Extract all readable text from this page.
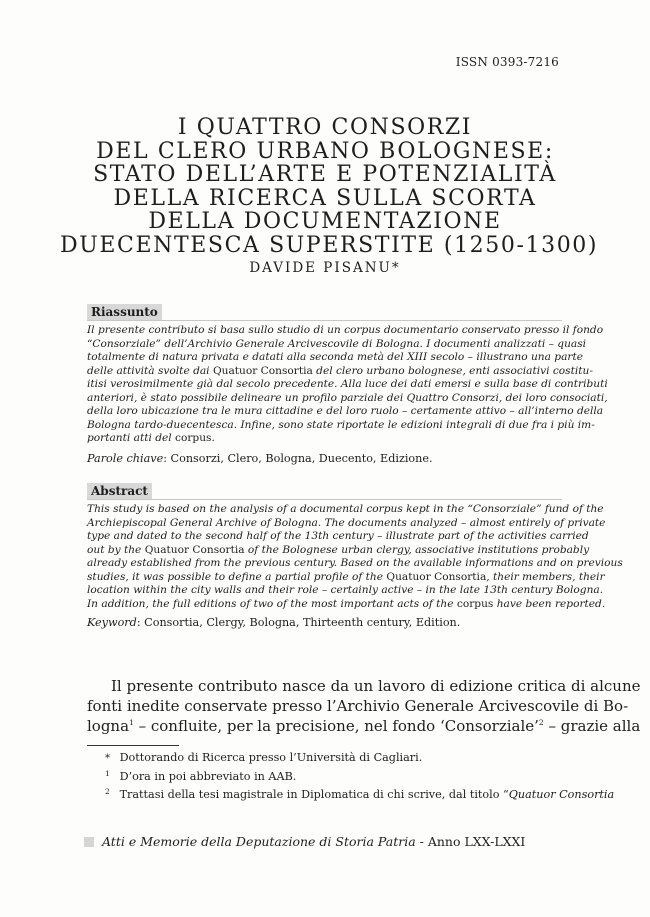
ISSN 0393-7216
I QUATTRO CONSORZI
DEL CLERO URBANO BOLOGNESE:
STATO DELL’ARTE E POTENZIALITÀ
DELLA RICERCA SULLA SCORTA
DELLA DOCUMENTAZIONE
DUECENTESCA SUPERSTITE (1250-1300)
DAVIDE PISANU*
Riassunto
Il presente contributo si basa sullo studio di un corpus documentario conservato presso il fondo
“Consorziale” dell’Archivio Generale Arcivescovile di Bologna. I documenti analizzati – quasi
totalmente di natura privata e datati alla seconda metà del XIII secolo – illustrano una parte
delle attività svolte dai Quatuor Consortia del clero urbano bolognese, enti associativi costitu-
itisi verosimilmente già dal secolo precedente. Alla luce dei dati emersi e sulla base di contributi
anteriori, è stato possibile delineare un profilo parziale dei Quattro Consorzi, dei loro consociati,
della loro ubicazione tra le mura cittadine e del loro ruolo – certamente attivo – all’interno della
Bologna tardo-duecentesca. Infine, sono state riportate le edizioni integrali di due fra i più im-
portanti atti del corpus.
Parole chiave: Consorzi, Clero, Bologna, Duecento, Edizione.
Abstract
This study is based on the analysis of a documental corpus kept in the “Consorziale” fund of the
Archiepiscopal General Archive of Bologna. The documents analyzed – almost entirely of private
type and dated to the second half of the 13th century – illustrate part of the activities carried
out by the Quatuor Consortia of the Bolognese urban clergy, associative institutions probably
already established from the previous century. Based on the available informations and on previous
studies, it was possible to define a partial profile of the Quatuor Consortia, their members, their
location within the city walls and their role – certainly active – in the late 13th century Bologna.
In addition, the full editions of two of the most important acts of the corpus have been reported.
Keyword: Consortia, Clergy, Bologna, Thirteenth century, Edition.
Il presente contributo nasce da un lavoro di edizione critica di alcune
fonti inedite conservate presso l’Archivio Generale Arcivescovile di Bo-
logna$^1$ – confluite, per la precisione, nel fondo ‘Consorziale’$^2$ – grazie alla
* Dottorando di Ricerca presso l’Università di Cagliari.
1 D’ora in poi abbreviato in AAB.
2 Trattasi della tesi magistrale in Diplomatica di chi scrive, dal titolo “Quatuor Consortia
Atti e Memorie della Deputazione di Storia Patria - Anno LXX-LXXI
